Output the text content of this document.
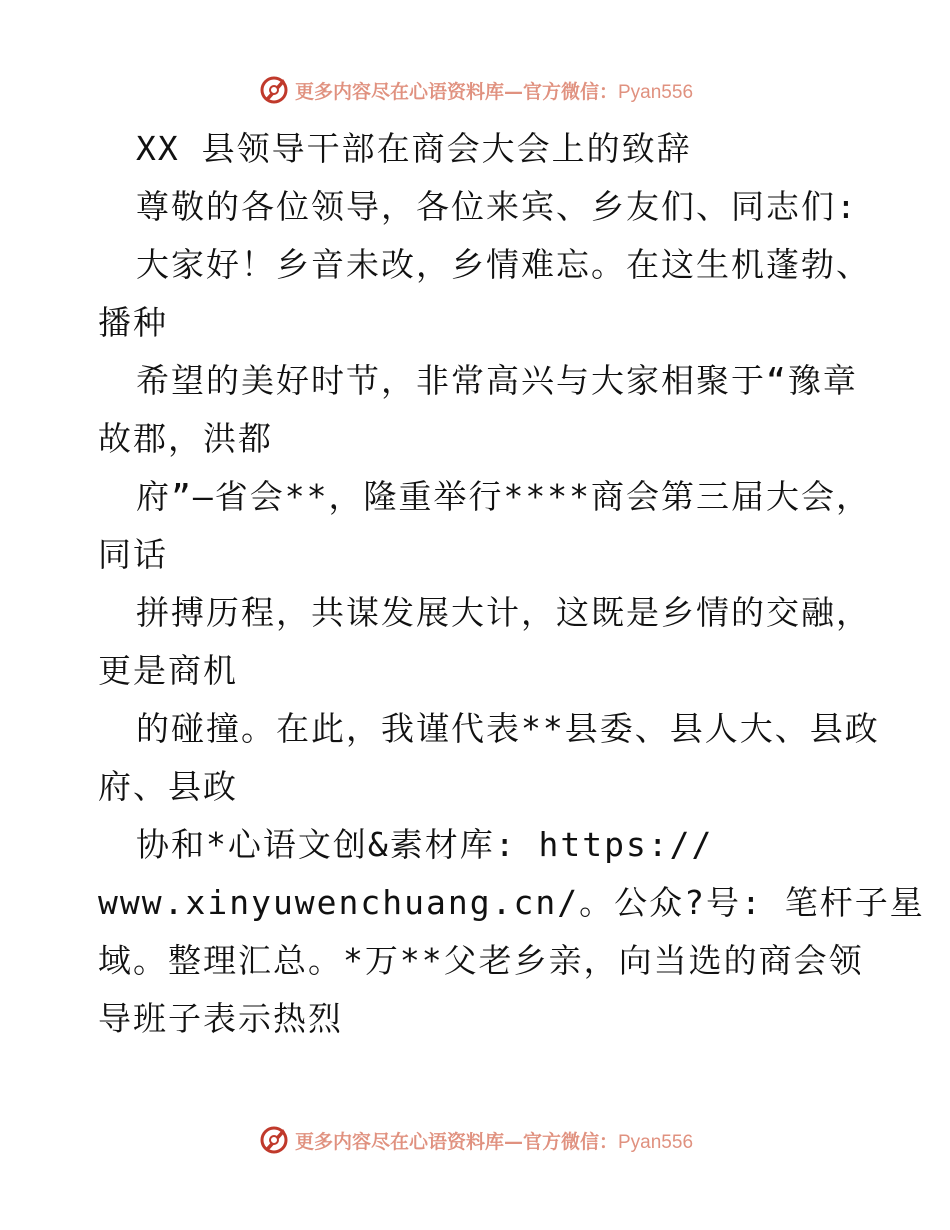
更多内容尽在心语资料库—官方微信：Pyan556
XX 县领导干部在商会大会上的致辞
尊敬的各位领导，各位来宾、乡友们、同志们:
大家好！乡音未改，乡情难忘。在这生机蓬勃、
播种
希望的美好时节，非常高兴与大家相聚于“豫章
故郡，洪都
府”—省会**，隆重举行****商会第三届大会，
同话
拼搏历程，共谋发展大计，这既是乡情的交融，
更是商机
的碰撞。在此，我谨代表**县委、县人大、县政
府、县政
协和*心语文创&素材库: https://
www.xinyuwenchuang.cn/。公众?号: 笔杆子星
域。整理汇总。*万**父老乡亲，向当选的商会领
导班子表示热烈
更多内容尽在心语资料库—官方微信：Pyan556
